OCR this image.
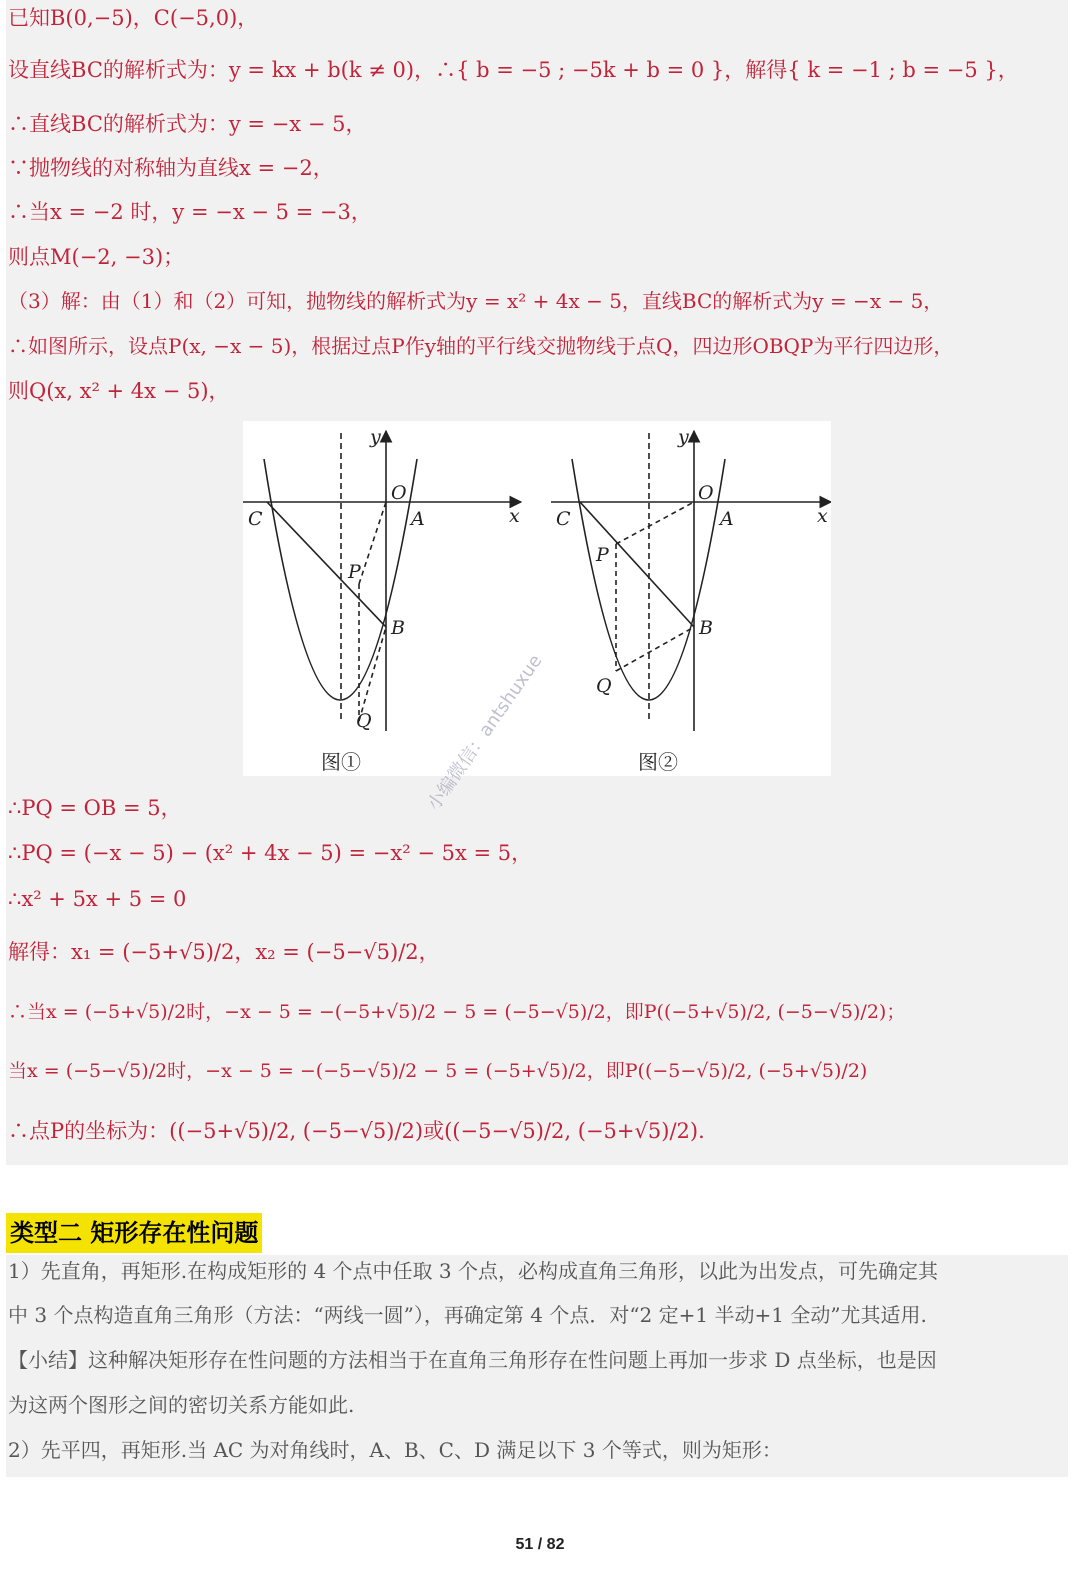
已知B(0,−5)，C(−5,0)，
设直线BC的解析式为：y = kx + b(k ≠ 0)，∴{ b = −5 ; −5k + b = 0 }，解得{ k = −1 ; b = −5 }，
∴直线BC的解析式为：y = −x − 5，
∵抛物线的对称轴为直线x = −2，
∴当x = −2 时，y = −x − 5 = −3，
则点M(−2, −3)；
（3）解：由（1）和（2）可知，抛物线的解析式为y = x² + 4x − 5，直线BC的解析式为y = −x − 5，
∴如图所示，设点P(x, −x − 5)，根据过点P作y轴的平行线交抛物线于点Q，四边形OBQP为平行四边形，
则Q(x, x² + 4x − 5)，
y
x
O
A
C
P
B
Q
y
x
O
A
C
P
B
Q
图①	图②
∴PQ = OB = 5，
∴PQ = (−x − 5) − (x² + 4x − 5) = −x² − 5x = 5，
∴x² + 5x + 5 = 0
解得：x₁ = (−5+√5)/2，x₂ = (−5−√5)/2，
∴当x = (−5+√5)/2时，−x − 5 = −(−5+√5)/2 − 5 = (−5−√5)/2，即P((−5+√5)/2, (−5−√5)/2)；
当x = (−5−√5)/2时，−x − 5 = −(−5−√5)/2 − 5 = (−5+√5)/2，即P((−5−√5)/2, (−5+√5)/2)
∴点P的坐标为：((−5+√5)/2, (−5−√5)/2)或((−5−√5)/2, (−5+√5)/2).
小编微信：antshuxue
类型二 矩形存在性问题
1）先直角，再矩形.在构成矩形的 4 个点中任取 3 个点，必构成直角三角形，以此为出发点，可先确定其
中 3 个点构造直角三角形（方法：“两线一圆”），再确定第 4 个点．对“2 定+1 半动+1 全动”尤其适用.
【小结】这种解决矩形存在性问题的方法相当于在直角三角形存在性问题上再加一步求 D 点坐标，也是因
为这两个图形之间的密切关系方能如此.
2）先平四，再矩形.当 AC 为对角线时，A、B、C、D 满足以下 3 个等式，则为矩形：
51 / 82
